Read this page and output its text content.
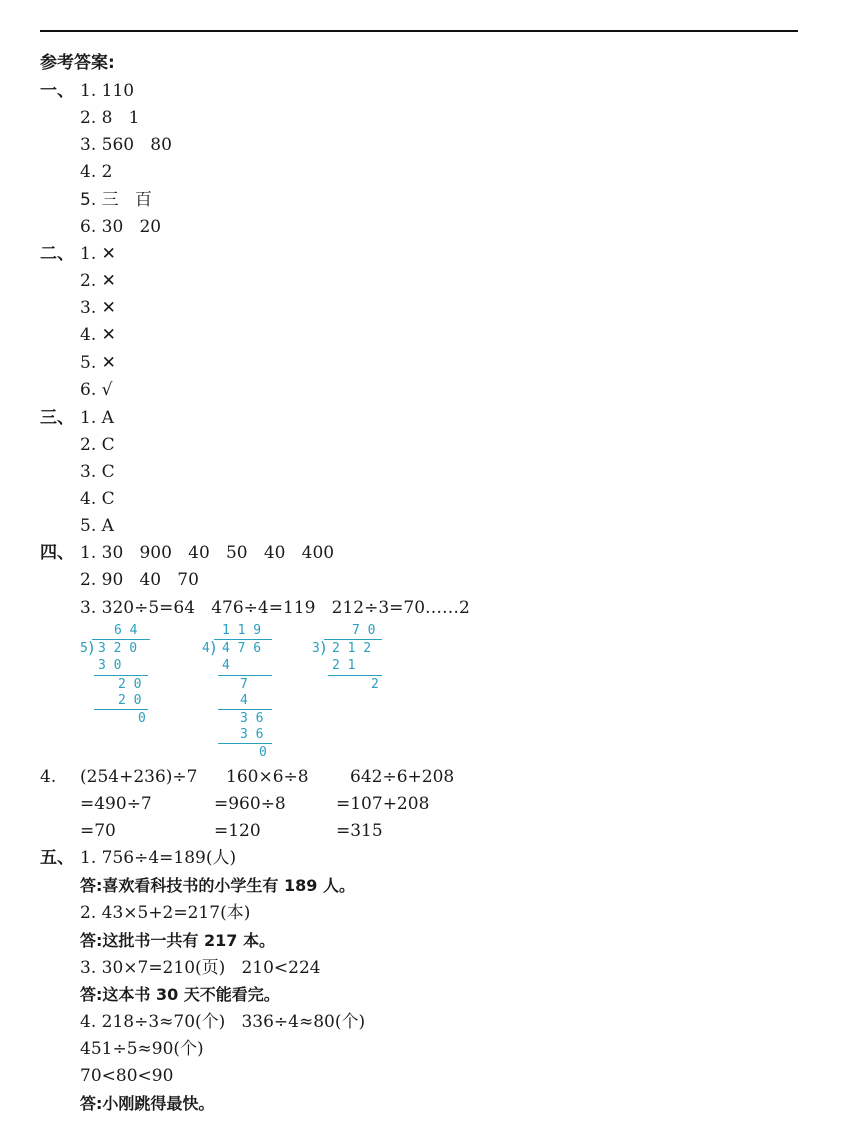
参考答案:
一、 1. 110
2. 8   1
3. 560   80
4. 2
5. 三   百
6. 30   20
二、 1. ✕
2. ✕
3. ✕
4. ✕
5. ✕
6. √
三、 1. A
2. C
3. C
4. C
5. A
四、 1. 30   900   40   50   40   400
2. 90   40   70
3. 320÷5=64   476÷4=119   212÷3=70……2
6 4
5 ) 3 2 0
3 0
2 0
2 0
0
1 1 9
4 ) 4 7 6
4
7
4
3 6
3 6
0
7 0
3 ) 2 1 2
2 1
2
4. (254+236)÷7
=490÷7
=70
160×6÷8
=960÷8
=120
642÷6+208
=107+208
=315
五、 1. 756÷4=189(人)
答:喜欢看科技书的小学生有 189 人。
2. 43×5+2=217(本)
答:这批书一共有 217 本。
3. 30×7=210(页)   210<224
答:这本书 30 天不能看完。
4. 218÷3≈70(个)   336÷4≈80(个)
451÷5≈90(个)
70<80<90
答:小刚跳得最快。
